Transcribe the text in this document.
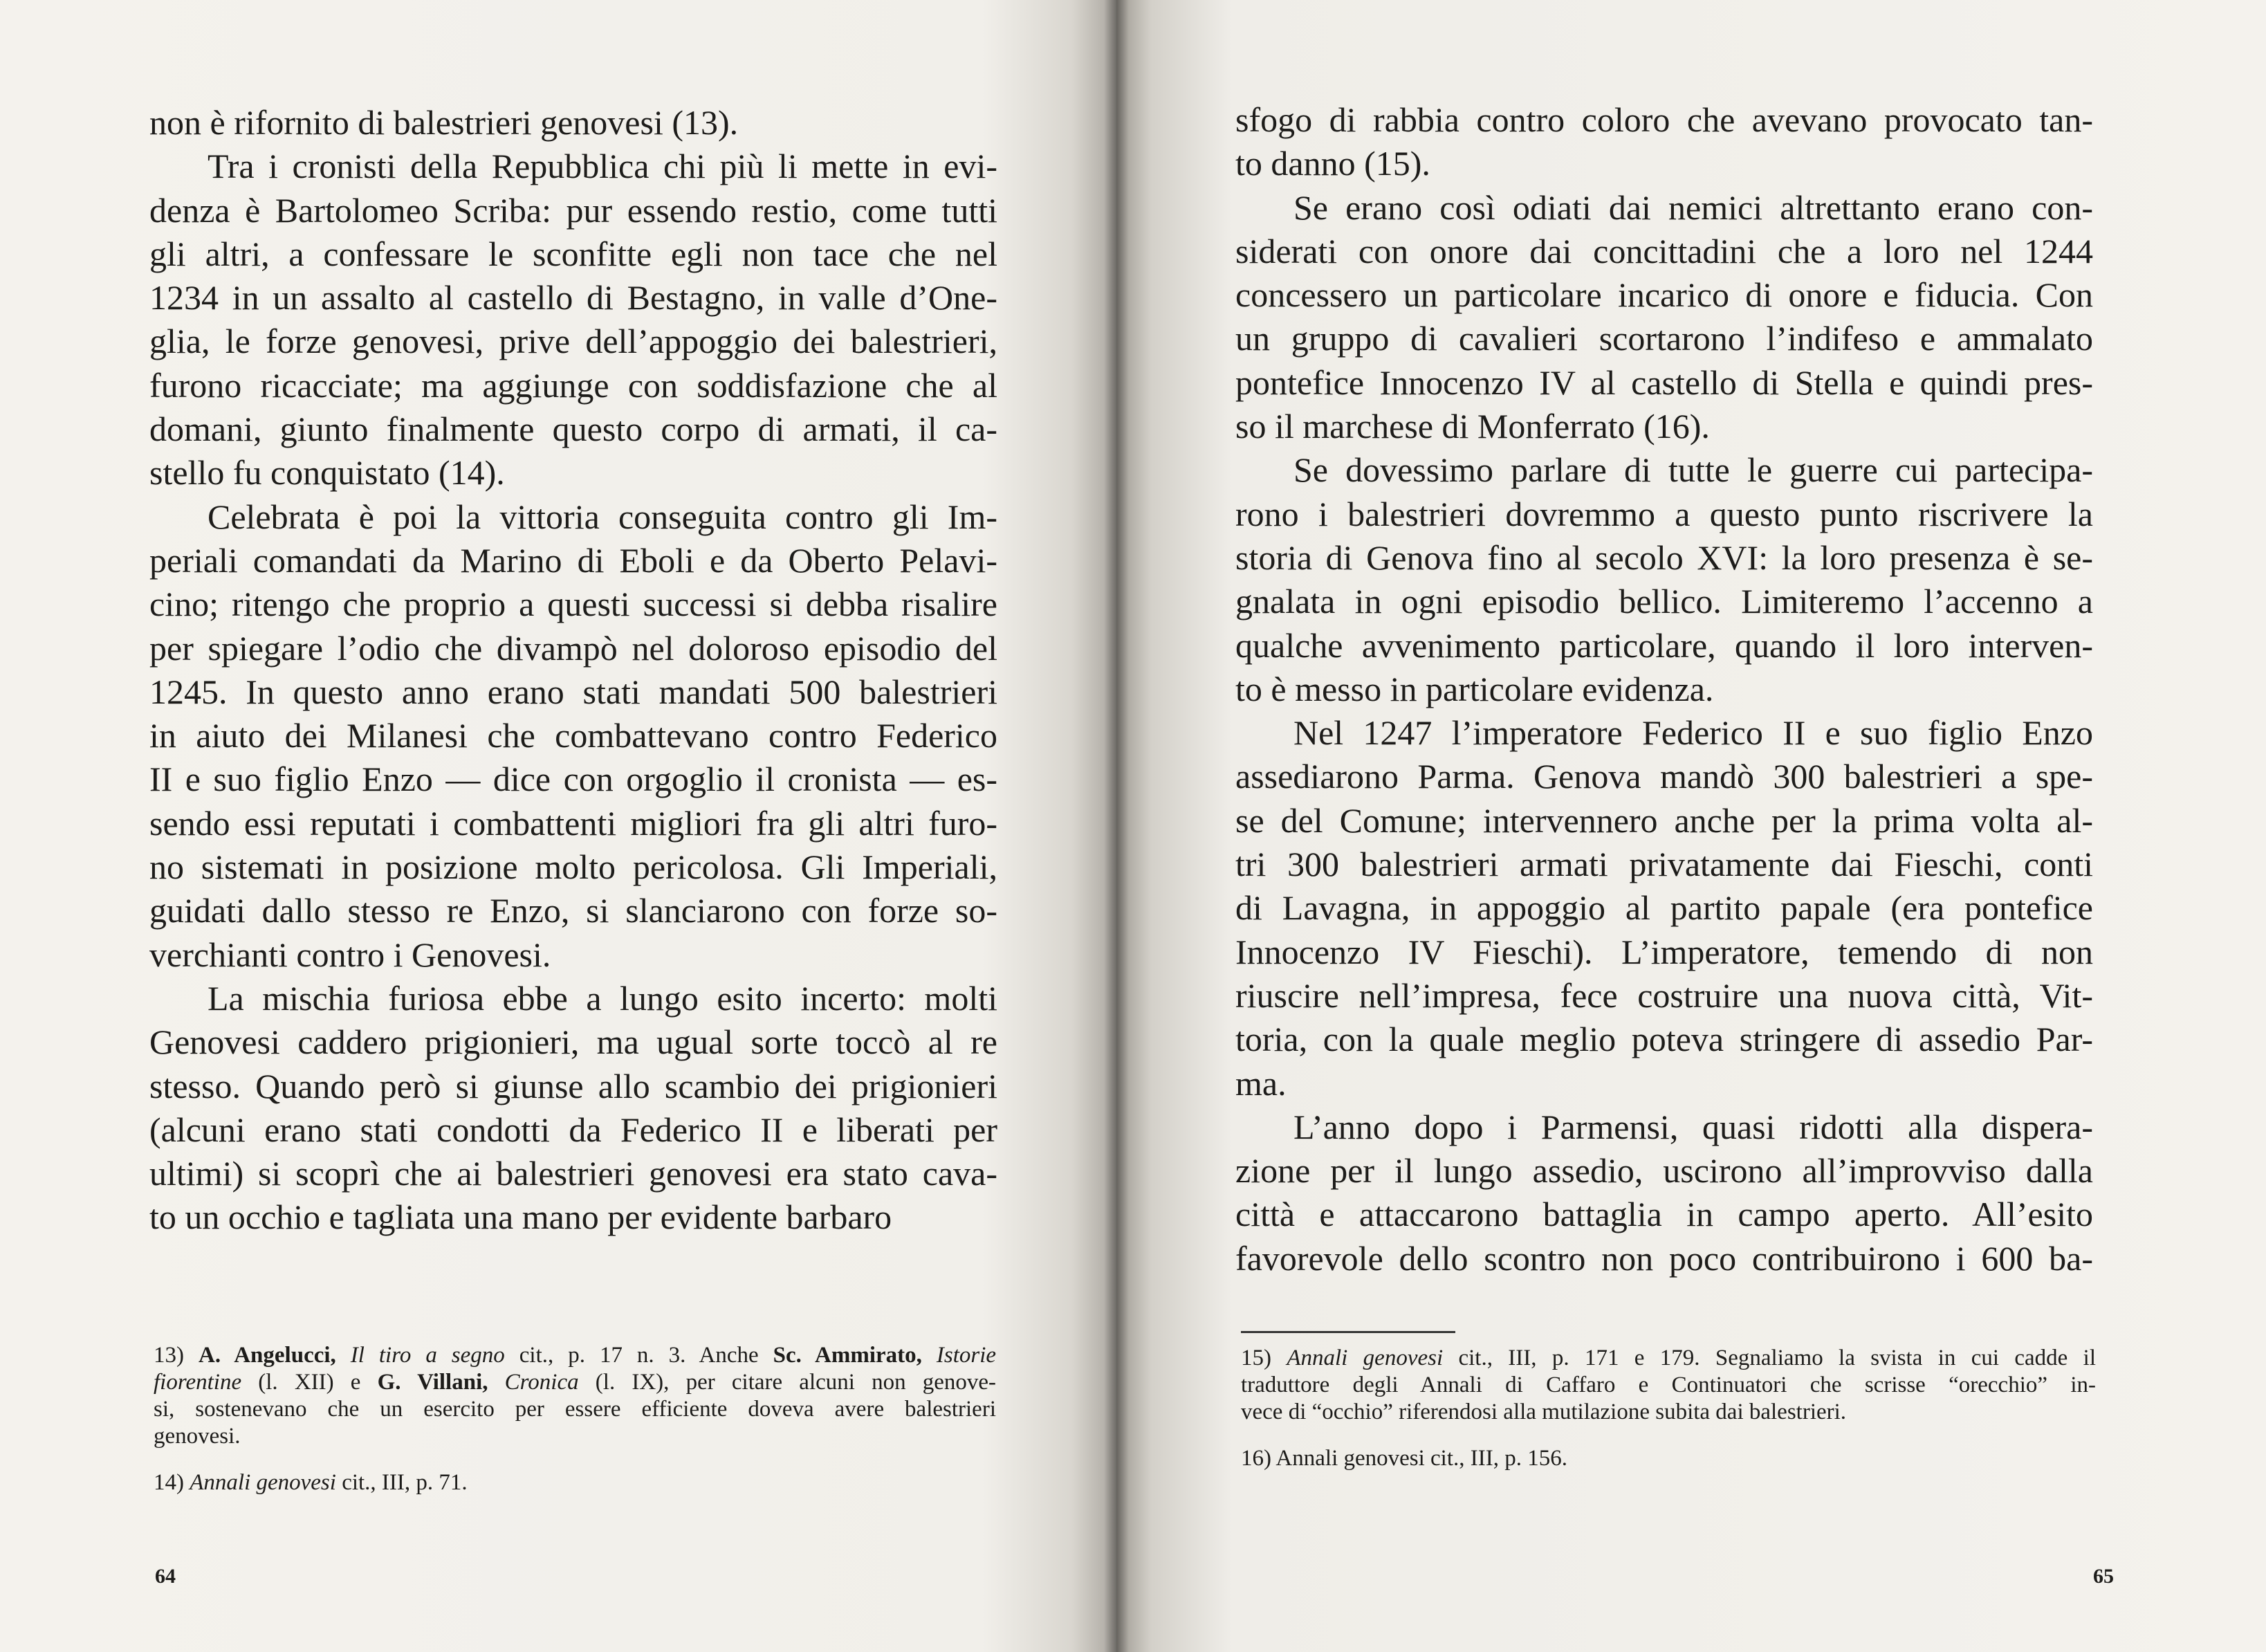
non è rifornito di balestrieri genovesi (13).
Tra i cronisti della Repubblica chi più li mette in evi-
denza è Bartolomeo Scriba: pur essendo restio, come tutti
gli altri, a confessare le sconfitte egli non tace che nel
1234 in un assalto al castello di Bestagno, in valle d’One-
glia, le forze genovesi, prive dell’appoggio dei balestrieri,
furono ricacciate; ma aggiunge con soddisfazione che al
domani, giunto finalmente questo corpo di armati, il ca-
stello fu conquistato (14).
Celebrata è poi la vittoria conseguita contro gli Im-
periali comandati da Marino di Eboli e da Oberto Pelavi-
cino; ritengo che proprio a questi successi si debba risalire
per spiegare l’odio che divampò nel doloroso episodio del
1245. In questo anno erano stati mandati 500 balestrieri
in aiuto dei Milanesi che combattevano contro Federico
II e suo figlio Enzo — dice con orgoglio il cronista — es-
sendo essi reputati i combattenti migliori fra gli altri furo-
no sistemati in posizione molto pericolosa. Gli Imperiali,
guidati dallo stesso re Enzo, si slanciarono con forze so-
verchianti contro i Genovesi.
La mischia furiosa ebbe a lungo esito incerto: molti
Genovesi caddero prigionieri, ma ugual sorte toccò al re
stesso. Quando però si giunse allo scambio dei prigionieri
(alcuni erano stati condotti da Federico II e liberati per
ultimi) si scoprì che ai balestrieri genovesi era stato cava-
to un occhio e tagliata una mano per evidente barbaro
13) A. Angelucci, Il tiro a segno cit., p. 17 n. 3. Anche Sc. Ammirato, Istorie
fiorentine (l. XII) e G. Villani, Cronica (l. IX), per citare alcuni non genove-
si, sostenevano che un esercito per essere efficiente doveva avere balestrieri
genovesi.
14) Annali genovesi cit., III, p. 71.
64
sfogo di rabbia contro coloro che avevano provocato tan-
to danno (15).
Se erano così odiati dai nemici altrettanto erano con-
siderati con onore dai concittadini che a loro nel 1244
concessero un particolare incarico di onore e fiducia. Con
un gruppo di cavalieri scortarono l’indifeso e ammalato
pontefice Innocenzo IV al castello di Stella e quindi pres-
so il marchese di Monferrato (16).
Se dovessimo parlare di tutte le guerre cui partecipa-
rono i balestrieri dovremmo a questo punto riscrivere la
storia di Genova fino al secolo XVI: la loro presenza è se-
gnalata in ogni episodio bellico. Limiteremo l’accenno a
qualche avvenimento particolare, quando il loro interven-
to è messo in particolare evidenza.
Nel 1247 l’imperatore Federico II e suo figlio Enzo
assediarono Parma. Genova mandò 300 balestrieri a spe-
se del Comune; intervennero anche per la prima volta al-
tri 300 balestrieri armati privatamente dai Fieschi, conti
di Lavagna, in appoggio al partito papale (era pontefice
Innocenzo IV Fieschi). L’imperatore, temendo di non
riuscire nell’impresa, fece costruire una nuova città, Vit-
toria, con la quale meglio poteva stringere di assedio Par-
ma.
L’anno dopo i Parmensi, quasi ridotti alla dispera-
zione per il lungo assedio, uscirono all’improvviso dalla
città e attaccarono battaglia in campo aperto. All’esito
favorevole dello scontro non poco contribuirono i 600 ba-
15) Annali genovesi cit., III, p. 171 e 179. Segnaliamo la svista in cui cadde il
traduttore degli Annali di Caffaro e Continuatori che scrisse “orecchio” in-
vece di “occhio” riferendosi alla mutilazione subita dai balestrieri.
16) Annali genovesi cit., III, p. 156.
65
